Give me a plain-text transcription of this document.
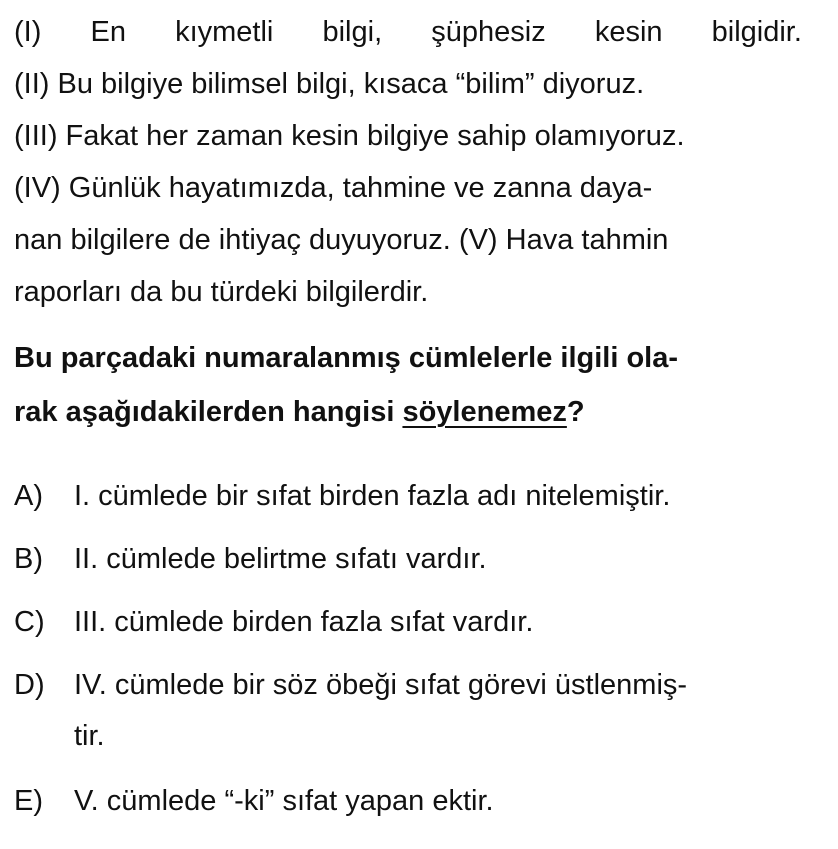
(I) En kıymetli bilgi, şüphesiz kesin bilgidir.
(II) Bu bilgiye bilimsel bilgi, kısaca “bilim” diyoruz.
(III) Fakat her zaman kesin bilgiye sahip olamıyoruz.
(IV) Günlük hayatımızda, tahmine ve zanna daya-
nan bilgilere de ihtiyaç duyuyoruz. (V) Hava tahmin
raporları da bu türdeki bilgilerdir.
Bu parçadaki numaralanmış cümlelerle ilgili ola-
rak aşağıdakilerden hangisi söylenemez?
A)	I. cümlede bir sıfat birden fazla adı nitelemiştir.
B)	II. cümlede belirtme sıfatı vardır.
C)	III. cümlede birden fazla sıfat vardır.
D)	IV. cümlede bir söz öbeği sıfat görevi üstlenmiş-
tir.
E)	V. cümlede “-ki” sıfat yapan ektir.
